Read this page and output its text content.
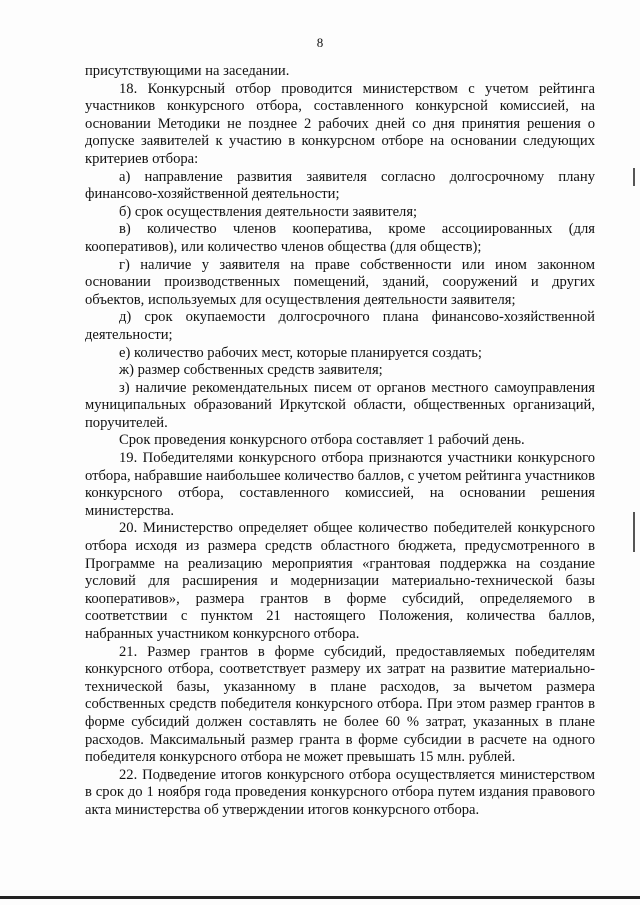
8

присутствующими на заседании.

18. Конкурсный отбор проводится министерством с учетом рейтинга участников конкурсного отбора, составленного конкурсной комиссией, на основании Методики не позднее 2 рабочих дней со дня принятия решения о допуске заявителей к участию в конкурсном отборе на основании следующих критериев отбора:

а) направление развития заявителя согласно долгосрочному плану финансово-хозяйственной деятельности;

б) срок осуществления деятельности заявителя;

в) количество членов кооператива, кроме ассоциированных (для кооперативов), или количество членов общества (для обществ);

г) наличие у заявителя на праве собственности или ином законном основании производственных помещений, зданий, сооружений и других объектов, используемых для осуществления деятельности заявителя;

д) срок окупаемости долгосрочного плана финансово-хозяйственной деятельности;

е) количество рабочих мест, которые планируется создать;

ж) размер собственных средств заявителя;

з) наличие рекомендательных писем от органов местного самоуправления муниципальных образований Иркутской области, общественных организаций, поручителей.

Срок проведения конкурсного отбора составляет 1 рабочий день.

19. Победителями конкурсного отбора признаются участники конкурсного отбора, набравшие наибольшее количество баллов, с учетом рейтинга участников конкурсного отбора, составленного комиссией, на основании решения министерства.

20. Министерство определяет общее количество победителей конкурсного отбора исходя из размера средств областного бюджета, предусмотренного в Программе на реализацию мероприятия «грантовая поддержка на создание условий для расширения и модернизации материально-технической базы кооперативов», размера грантов в форме субсидий, определяемого в соответствии с пунктом 21 настоящего Положения, количества баллов, набранных участником конкурсного отбора.

21. Размер грантов в форме субсидий, предоставляемых победителям конкурсного отбора, соответствует размеру их затрат на развитие материально-технической базы, указанному в плане расходов, за вычетом размера собственных средств победителя конкурсного отбора. При этом размер грантов в форме субсидий должен составлять не более 60 % затрат, указанных в плане расходов. Максимальный размер гранта в форме субсидии в расчете на одного победителя конкурсного отбора не может превышать 15 млн. рублей.

22. Подведение итогов конкурсного отбора осуществляется министерством в срок до 1 ноября года проведения конкурсного отбора путем издания правового акта министерства об утверждении итогов конкурсного отбора.
